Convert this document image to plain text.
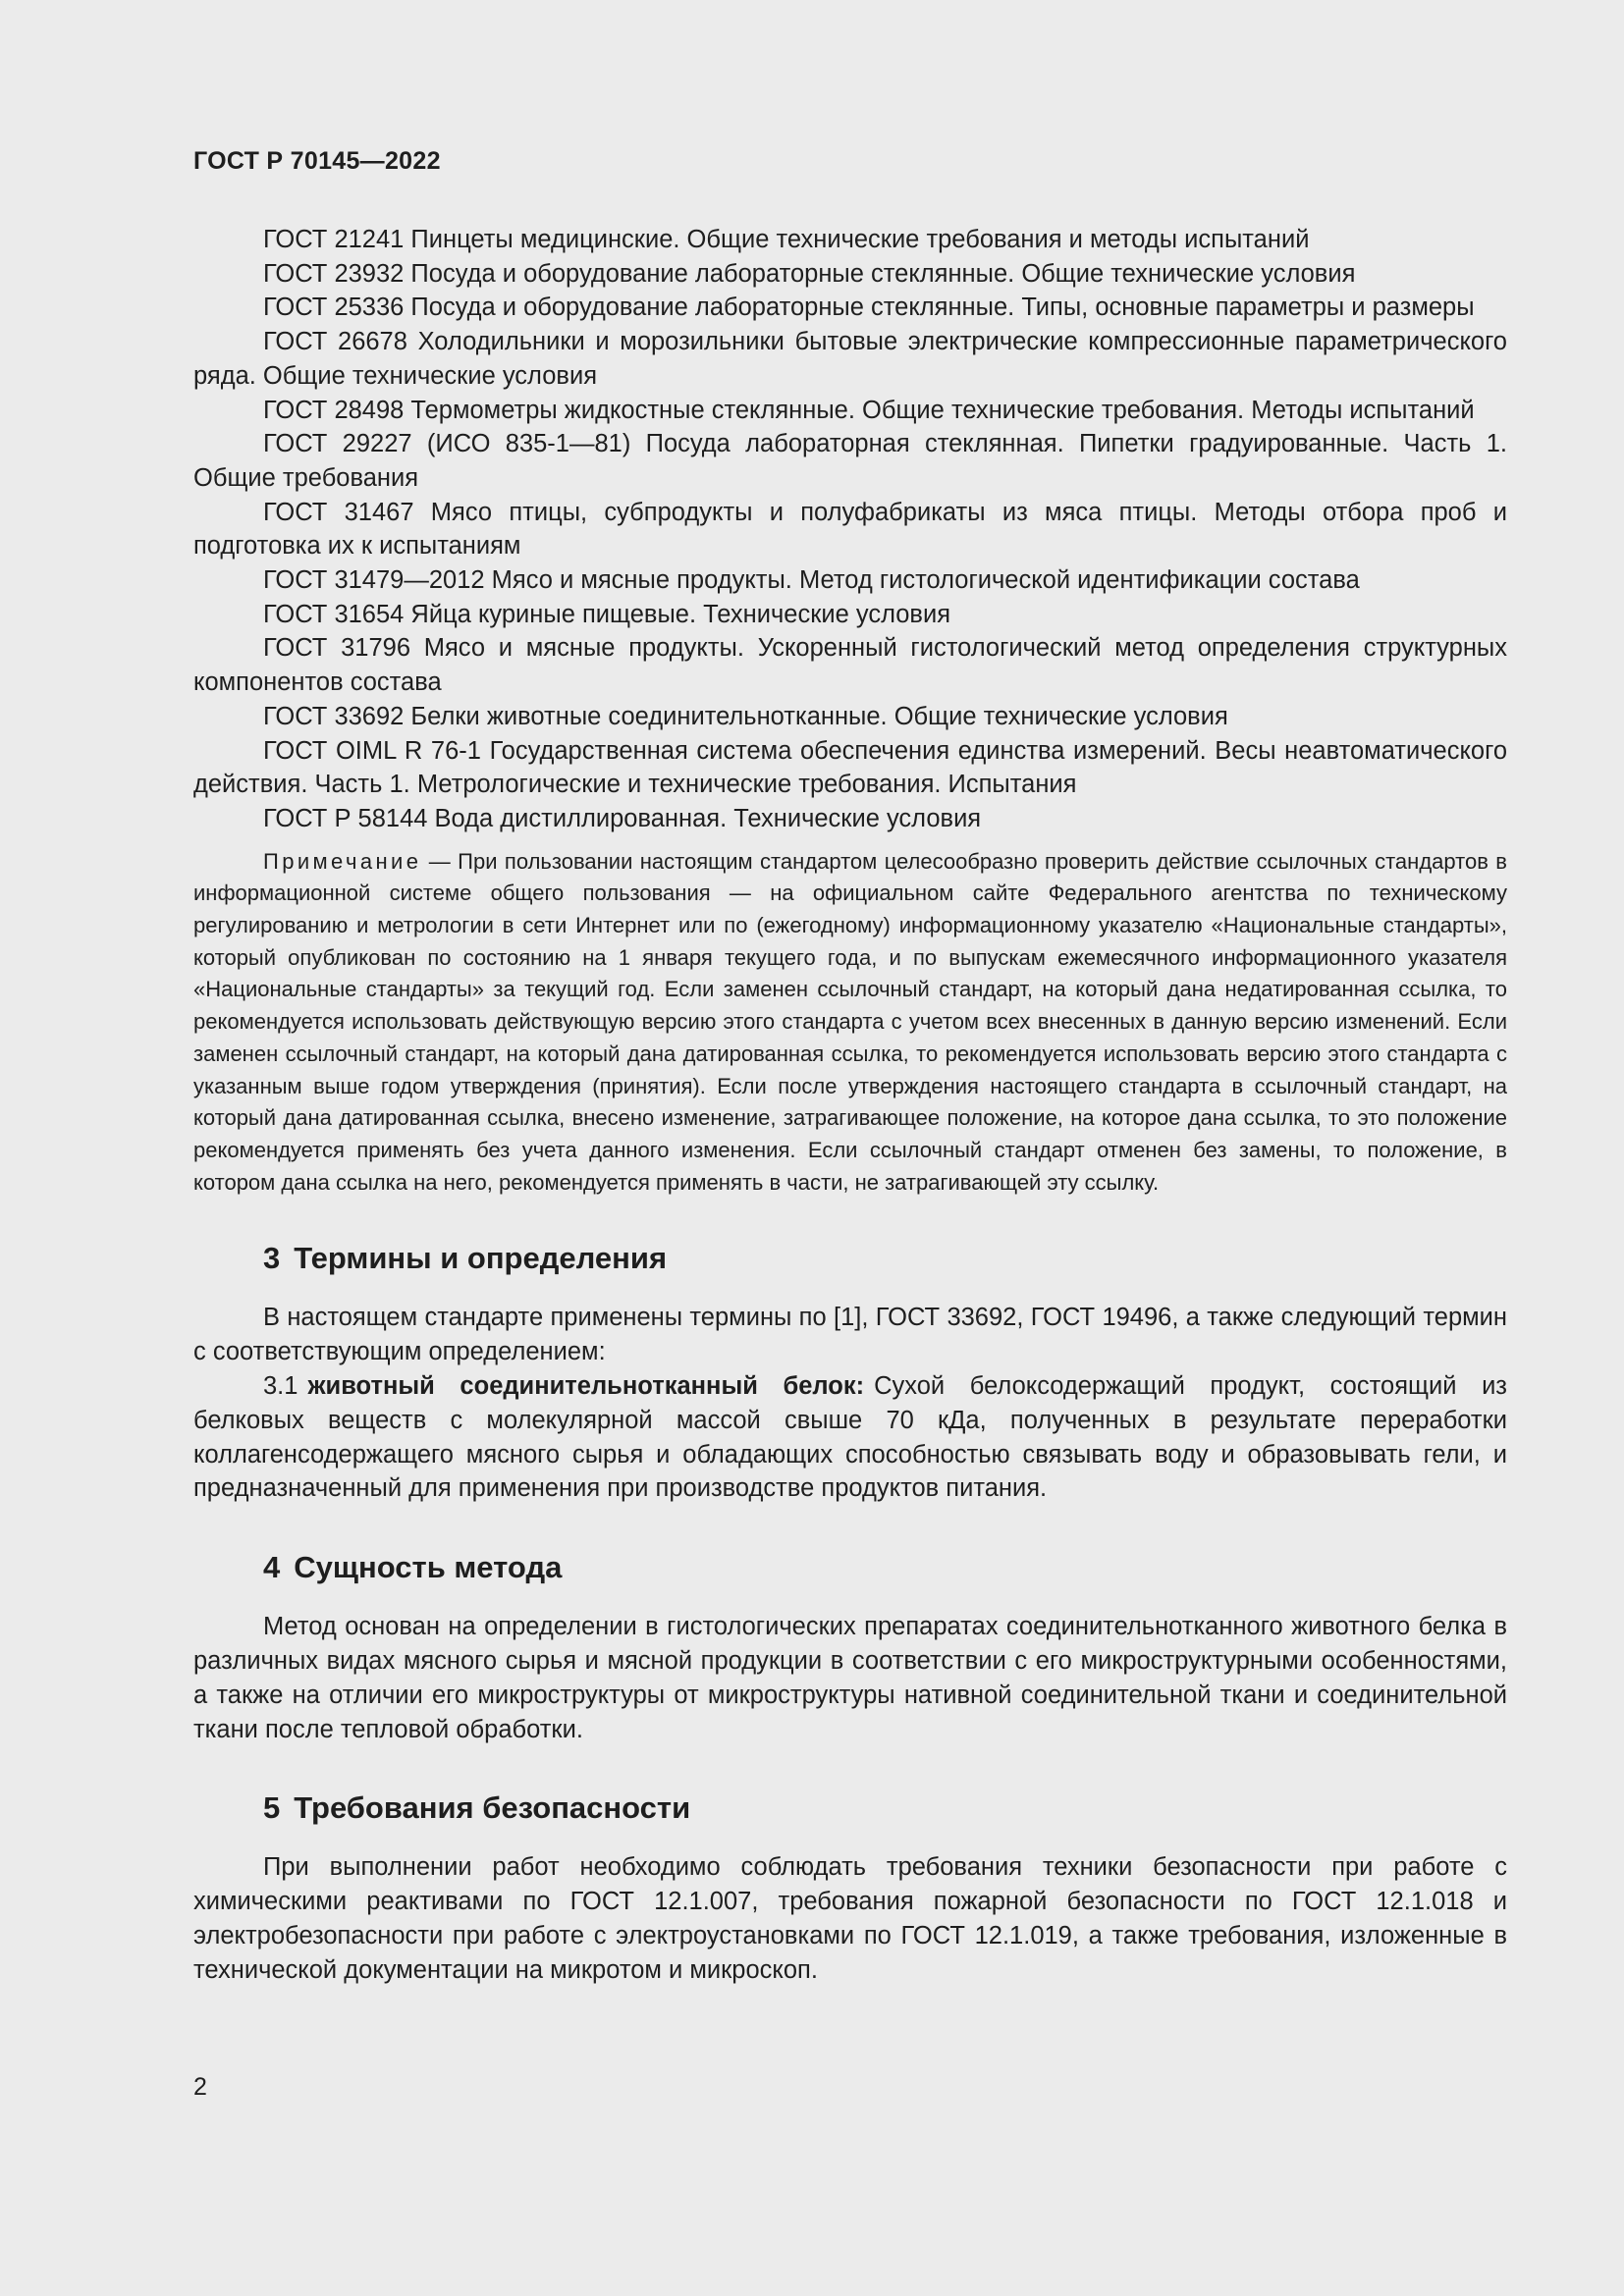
ГОСТ Р 70145—2022

ГОСТ 21241 Пинцеты медицинские. Общие технические требования и методы испытаний

ГОСТ 23932 Посуда и оборудование лабораторные стеклянные. Общие технические условия

ГОСТ 25336 Посуда и оборудование лабораторные стеклянные. Типы, основные параметры и размеры

ГОСТ 26678 Холодильники и морозильники бытовые электрические компрессионные параметрического ряда. Общие технические условия

ГОСТ 28498 Термометры жидкостные стеклянные. Общие технические требования. Методы испытаний

ГОСТ 29227 (ИСО 835-1—81) Посуда лабораторная стеклянная. Пипетки градуированные. Часть 1. Общие требования

ГОСТ 31467 Мясо птицы, субпродукты и полуфабрикаты из мяса птицы. Методы отбора проб и подготовка их к испытаниям

ГОСТ 31479—2012 Мясо и мясные продукты. Метод гистологической идентификации состава

ГОСТ 31654 Яйца куриные пищевые. Технические условия

ГОСТ 31796 Мясо и мясные продукты. Ускоренный гистологический метод определения структурных компонентов состава

ГОСТ 33692 Белки животные соединительнотканные. Общие технические условия

ГОСТ OIML R 76-1 Государственная система обеспечения единства измерений. Весы неавтоматического действия. Часть 1. Метрологические и технические требования. Испытания

ГОСТ Р 58144 Вода дистиллированная. Технические условия

Примечание — При пользовании настоящим стандартом целесообразно проверить действие ссылочных стандартов в информационной системе общего пользования — на официальном сайте Федерального агентства по техническому регулированию и метрологии в сети Интернет или по (ежегодному) информационному указателю «Национальные стандарты», который опубликован по состоянию на 1 января текущего года, и по выпускам ежемесячного информационного указателя «Национальные стандарты» за текущий год. Если заменен ссылочный стандарт, на который дана недатированная ссылка, то рекомендуется использовать действующую версию этого стандарта с учетом всех внесенных в данную версию изменений. Если заменен ссылочный стандарт, на который дана датированная ссылка, то рекомендуется использовать версию этого стандарта с указанным выше годом утверждения (принятия). Если после утверждения настоящего стандарта в ссылочный стандарт, на который дана датированная ссылка, внесено изменение, затрагивающее положение, на которое дана ссылка, то это положение рекомендуется применять без учета данного изменения. Если ссылочный стандарт отменен без замены, то положение, в котором дана ссылка на него, рекомендуется применять в части, не затрагивающей эту ссылку.

3 Термины и определения

В настоящем стандарте применены термины по [1], ГОСТ 33692, ГОСТ 19496, а также следующий термин с соответствующим определением:

3.1 животный соединительнотканный белок: Сухой белоксодержащий продукт, состоящий из белковых веществ с молекулярной массой свыше 70 кДа, полученных в результате переработки коллагенсодержащего мясного сырья и обладающих способностью связывать воду и образовывать гели, и предназначенный для применения при производстве продуктов питания.

4 Сущность метода

Метод основан на определении в гистологических препаратах соединительнотканного животного белка в различных видах мясного сырья и мясной продукции в соответствии с его микроструктурными особенностями, а также на отличии его микроструктуры от микроструктуры нативной соединительной ткани и соединительной ткани после тепловой обработки.

5 Требования безопасности

При выполнении работ необходимо соблюдать требования техники безопасности при работе с химическими реактивами по ГОСТ 12.1.007, требования пожарной безопасности по ГОСТ 12.1.018 и электробезопасности при работе с электроустановками по ГОСТ 12.1.019, а также требования, изложенные в технической документации на микротом и микроскоп.

2
